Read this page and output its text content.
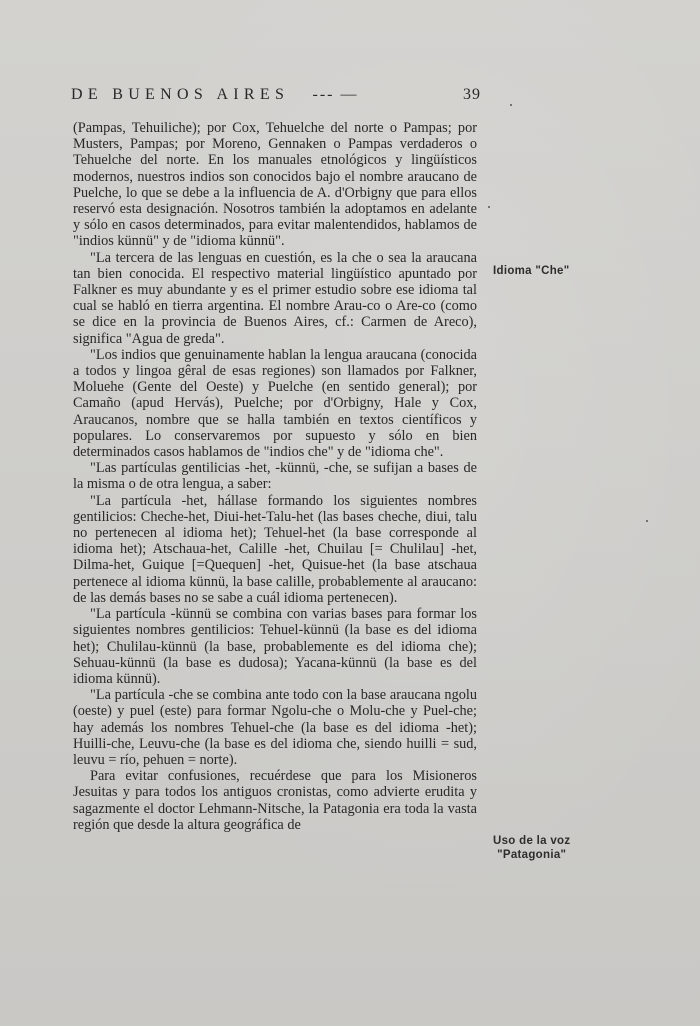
DE BUENOS AIRES --- —	39

(Pampas, Tehuiliche); por Cox, Tehuelche del norte o Pampas; por Musters, Pampas; por Moreno, Gennaken o Pampas verdaderos o Tehuelche del norte. En los manuales etnológicos y lingüísticos modernos, nuestros indios son conocidos bajo el nombre araucano de Puelche, lo que se debe a la influencia de A. d'Orbigny que para ellos reservó esta designación. Nosotros también la adoptamos en adelante y sólo en casos determinados, para evitar malentendidos, hablamos de "indios künnü" y de "idioma künnü".

"La tercera de las lenguas en cuestión, es la che o sea la araucana tan bien conocida. El respectivo material lingüístico apuntado por Falkner es muy abundante y es el primer estudio sobre ese idioma tal cual se habló en tierra argentina. El nombre Arau-co o Are-co (como se dice en la provincia de Buenos Aires, cf.: Carmen de Areco), significa "Agua de greda".

"Los indios que genuinamente hablan la lengua araucana (conocida a todos y lingoa gêral de esas regiones) son llamados por Falkner, Moluehe (Gente del Oeste) y Puelche (en sentido general); por Camaño (apud Hervás), Puelche; por d'Orbigny, Hale y Cox, Araucanos, nombre que se halla también en textos científicos y populares. Lo conservaremos por supuesto y sólo en bien determinados casos hablamos de "indios che" y de "idioma che".

"Las partículas gentilicias -het, -künnü, -che, se sufijan a bases de la misma o de otra lengua, a saber:

"La partícula -het, hállase formando los siguientes nombres gentilicios: Cheche-het, Diui-het-Talu-het (las bases cheche, diui, talu no pertenecen al idioma het); Tehuel-het (la base corresponde al idioma het); Atschaua-het, Calille -het, Chuilau [= Chulilau] -het, Dilma-het, Guique [=Quequen] -het, Quisue-het (la base atschaua pertenece al idioma künnü, la base calille, probablemente al araucano: de las demás bases no se sabe a cuál idioma pertenecen).

"La partícula -künnü se combina con varias bases para formar los siguientes nombres gentilicios: Tehuel-künnü (la base es del idioma het); Chulilau-künnü (la base, probablemente es del idioma che); Sehuau-künnü (la base es dudosa); Yacana-künnü (la base es del idioma künnü).

"La partícula -che se combina ante todo con la base araucana ngolu (oeste) y puel (este) para formar Ngolu-che o Molu-che y Puel-che; hay además los nombres Tehuel-che (la base es del idioma -het); Huilli-che, Leuvu-che (la base es del idioma che, siendo huilli = sud, leuvu = río, pehuen = norte).

Para evitar confusiones, recuérdese que para los Misioneros Jesuitas y para todos los antiguos cronistas, como advierte erudita y sagazmente el doctor Lehmann-Nitsche, la Patagonia era toda la vasta región que desde la altura geográfica de

Idioma "Che"
Uso de la voz
"Patagonia"
